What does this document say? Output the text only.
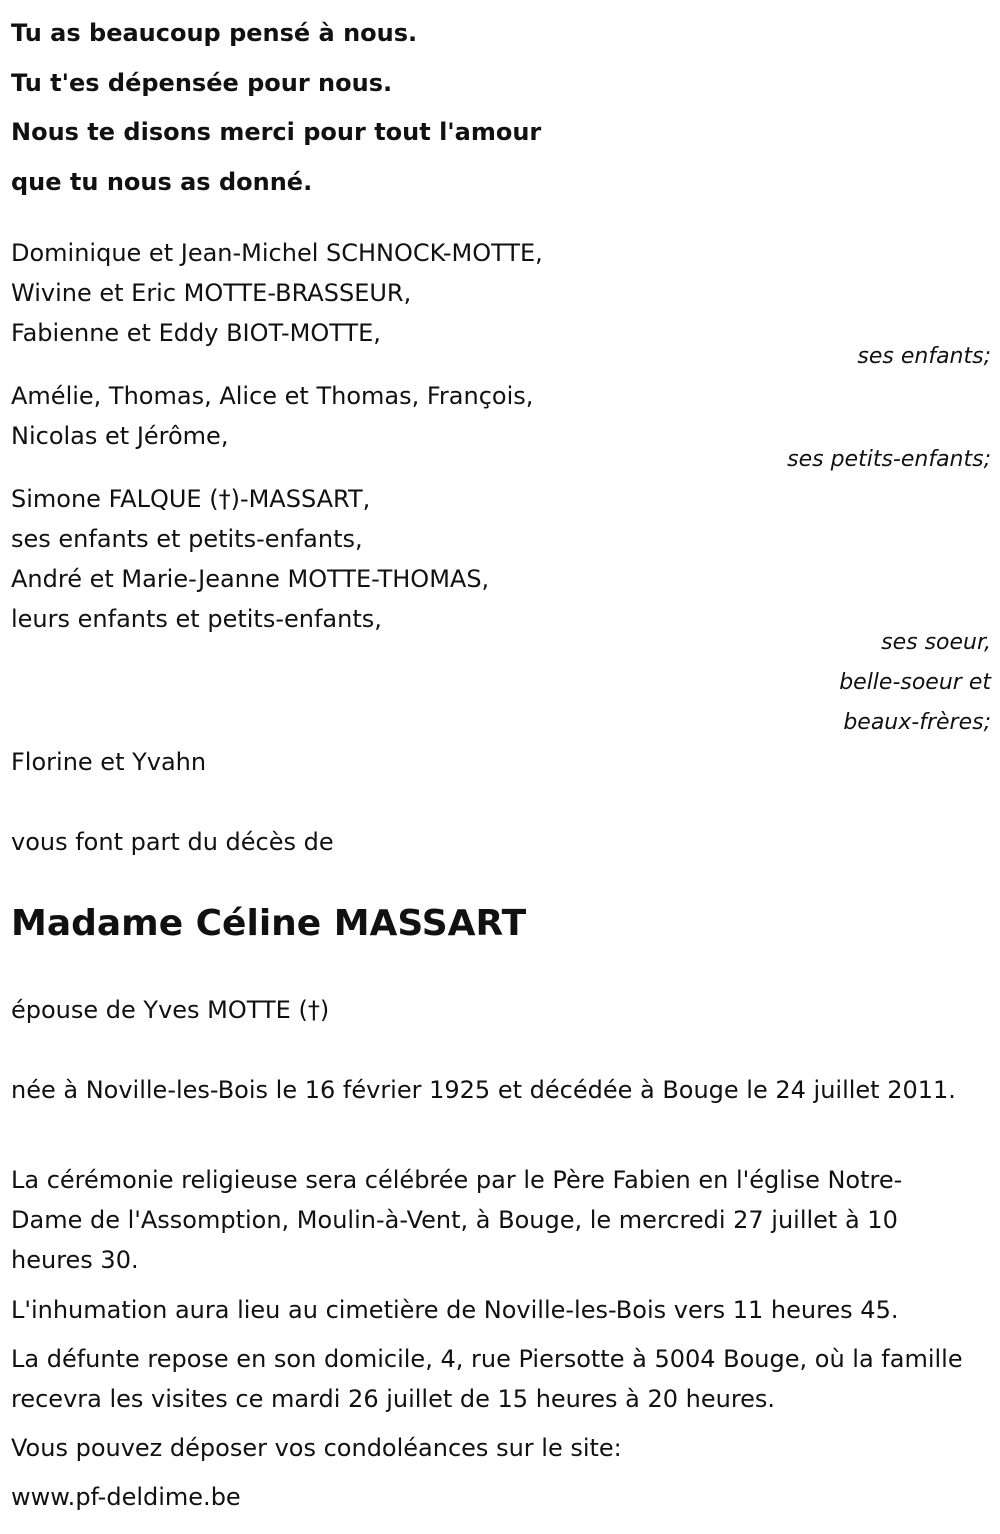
Tu as beaucoup pensé à nous.

Tu t'es dépensée pour nous.

Nous te disons merci pour tout l'amour

que tu nous as donné.

Dominique et Jean-Michel SCHNOCK-MOTTE,

Wivine et Eric MOTTE-BRASSEUR,

Fabienne et Eddy BIOT-MOTTE,

ses enfants;

Amélie, Thomas, Alice et Thomas, François,

Nicolas et Jérôme,

ses petits-enfants;

Simone FALQUE (†)-MASSART,

ses enfants et petits-enfants,

André et Marie-Jeanne MOTTE-THOMAS,

leurs enfants et petits-enfants,

ses soeur,

belle-soeur et

beaux-frères;

Florine et Yvahn

vous font part du décès de

Madame Céline MASSART

épouse de Yves MOTTE (†)

née à Noville-les-Bois le 16 février 1925 et décédée à Bouge le 24 juillet 2011.

La cérémonie religieuse sera célébrée par le Père Fabien en l'église Notre-Dame de l'Assomption, Moulin-à-Vent, à Bouge, le mercredi 27 juillet à 10 heures 30.

L'inhumation aura lieu au cimetière de Noville-les-Bois vers 11 heures 45.

La défunte repose en son domicile, 4, rue Piersotte à 5004 Bouge, où la famille recevra les visites ce mardi 26 juillet de 15 heures à 20 heures.

Vous pouvez déposer vos condoléances sur le site:

www.pf-deldime.be
